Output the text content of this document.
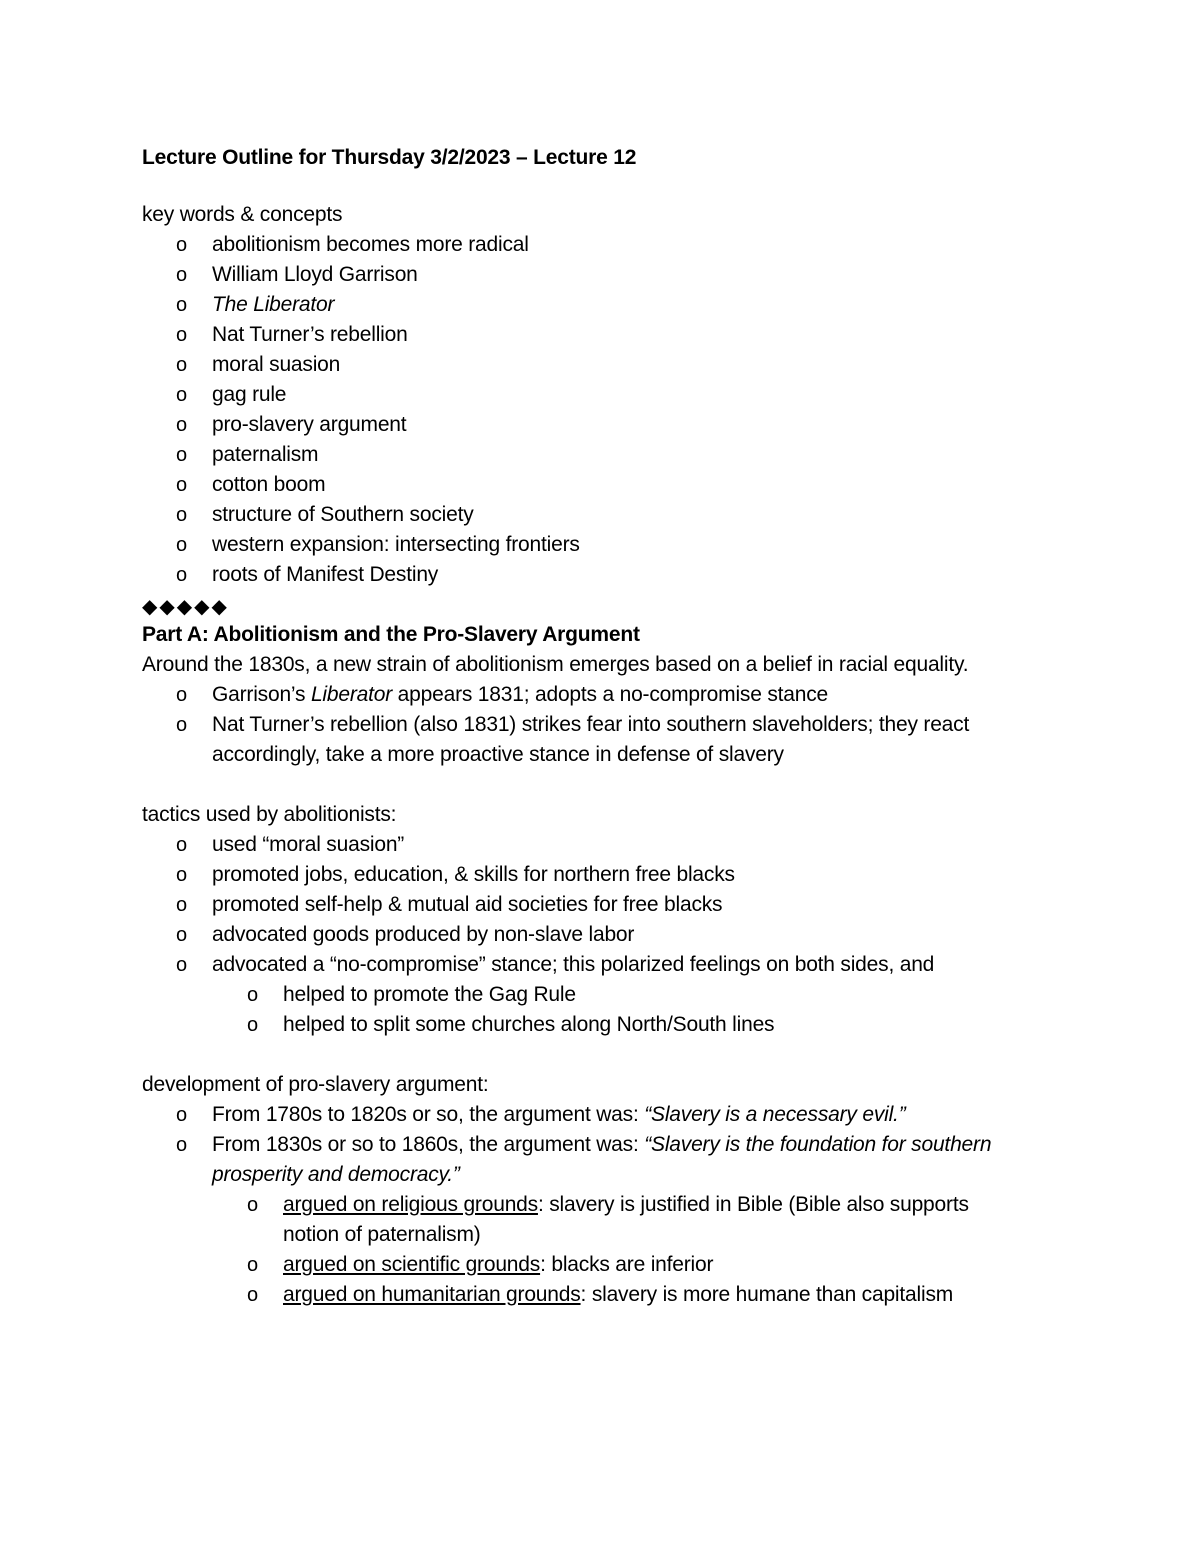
Lecture Outline for Thursday 3/2/2023 – Lecture 12
key words & concepts
o	abolitionism becomes more radical
o	William Lloyd Garrison
o	The Liberator
o	Nat Turner’s rebellion
o	moral suasion
o	gag rule
o	pro-slavery argument
o	paternalism
o	cotton boom
o	structure of Southern society
o	western expansion: intersecting frontiers
o	roots of Manifest Destiny
◆◆◆◆◆
Part A: Abolitionism and the Pro-Slavery Argument
Around the 1830s, a new strain of abolitionism emerges based on a belief in racial equality.
o	Garrison’s Liberator appears 1831; adopts a no-compromise stance
o	Nat Turner’s rebellion (also 1831) strikes fear into southern slaveholders; they react
accordingly, take a more proactive stance in defense of slavery
tactics used by abolitionists:
o	used “moral suasion”
o	promoted jobs, education, & skills for northern free blacks
o	promoted self-help & mutual aid societies for free blacks
o	advocated goods produced by non-slave labor
o	advocated a “no-compromise” stance; this polarized feelings on both sides, and
o	helped to promote the Gag Rule
o	helped to split some churches along North/South lines
development of pro-slavery argument:
o	From 1780s to 1820s or so, the argument was: “Slavery is a necessary evil.”
o	From 1830s or so to 1860s, the argument was: “Slavery is the foundation for southern
prosperity and democracy.”
o	argued on religious grounds: slavery is justified in Bible (Bible also supports
notion of paternalism)
o	argued on scientific grounds: blacks are inferior
o	argued on humanitarian grounds: slavery is more humane than capitalism
